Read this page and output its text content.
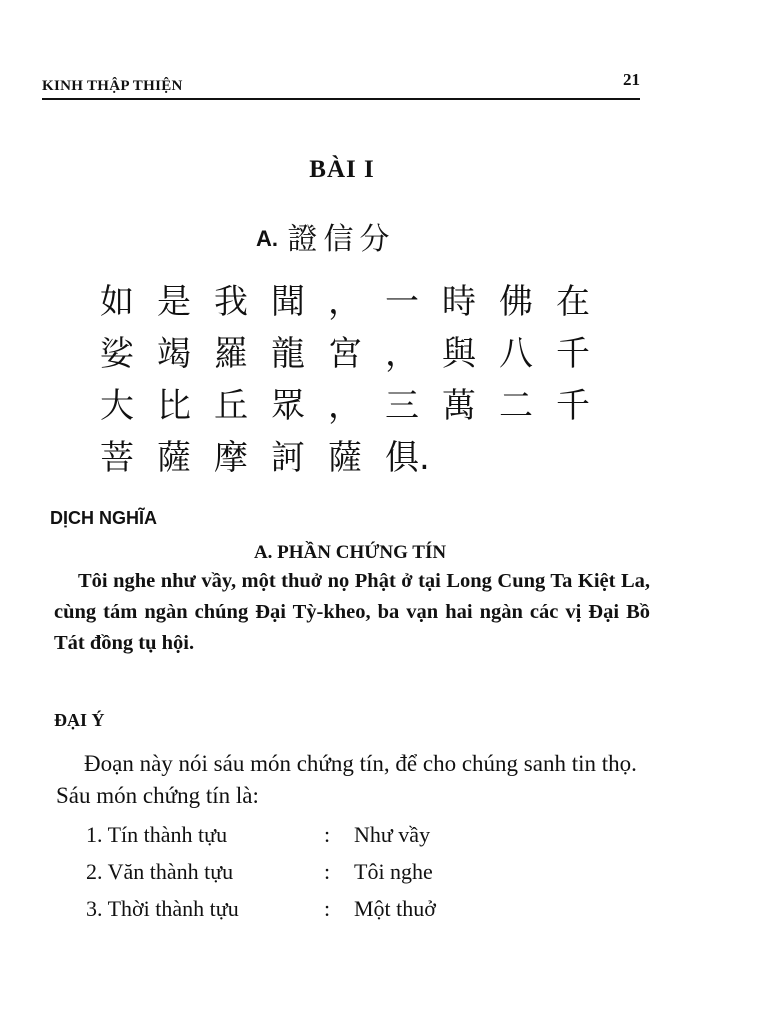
KINH THẬP THIỆN	21
BÀI I
A. 證信分
如 是 我 聞 ， 一 時 佛 在
娑 竭 羅 龍 宮 ， 與 八 千
大 比 丘 眾 ， 三 萬 二 千
菩 薩 摩 訶 薩 俱.
DỊCH NGHĨA
A. PHẦN CHỨNG TÍN
Tôi nghe như vầy, một thuở nọ Phật ở tại Long Cung Ta Kiệt La, cùng tám ngàn chúng Đại Tỳ-kheo, ba vạn hai ngàn các vị Đại Bồ Tát đồng tụ hội.
ĐẠI Ý
Đoạn này nói sáu món chứng tín, để cho chúng sanh tin thọ. Sáu món chứng tín là:
1. Tín thành tựu	:	Như vầy
2. Văn thành tựu	:	Tôi nghe
3. Thời thành tựu	:	Một thuở
